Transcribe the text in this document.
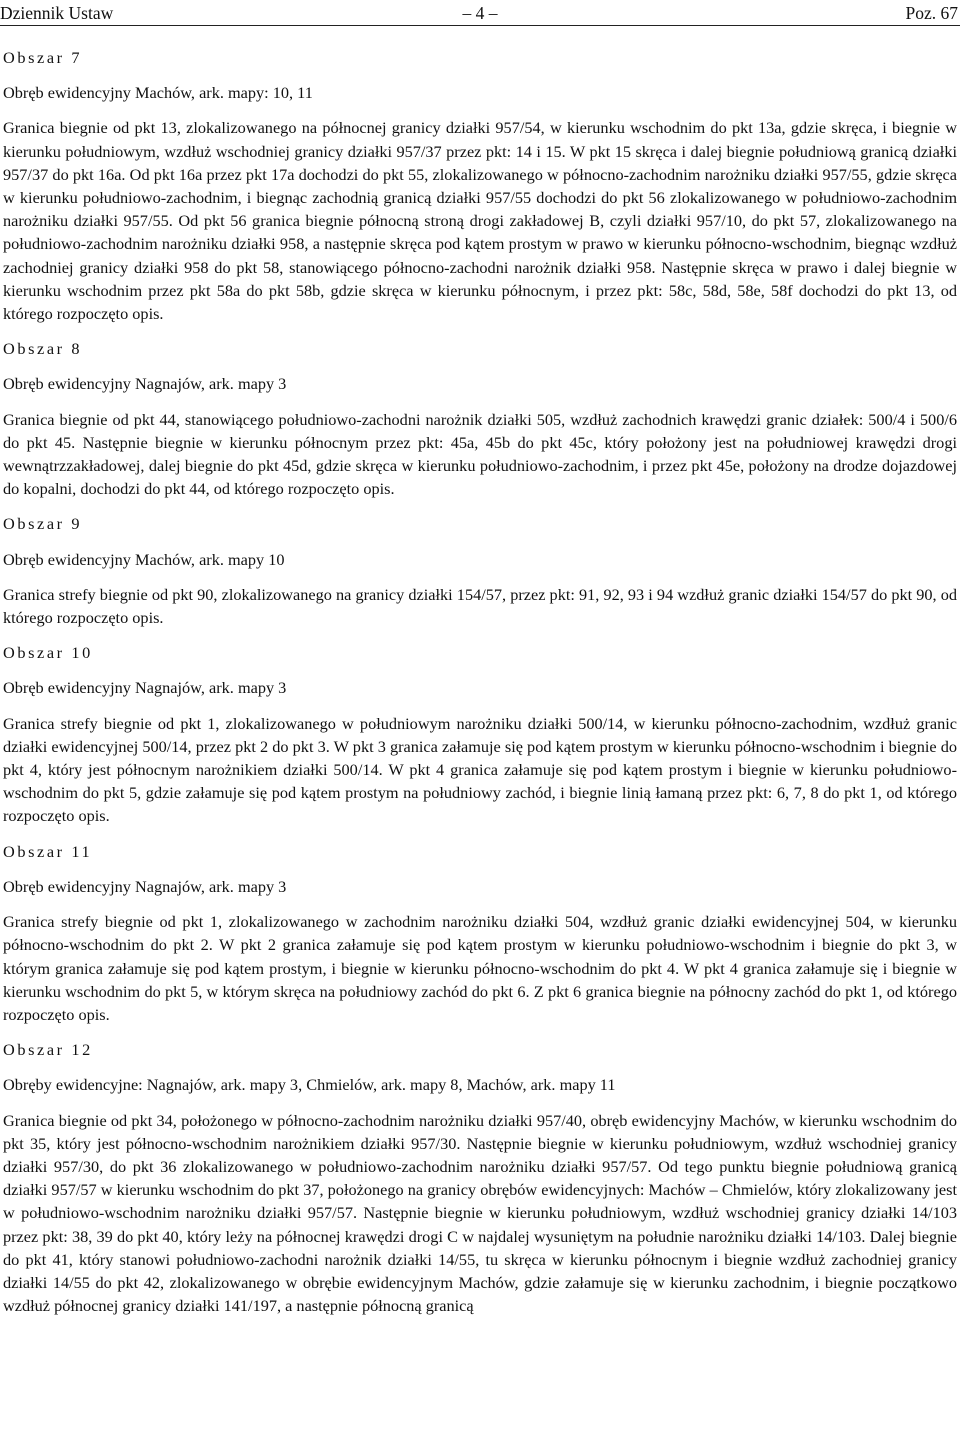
Dziennik Ustaw	– 4 –	Poz. 67

Obszar 7

Obręb ewidencyjny Machów, ark. mapy: 10, 11

Granica biegnie od pkt 13, zlokalizowanego na północnej granicy działki 957/54, w kierunku wschodnim do pkt 13a, gdzie skręca, i biegnie w kierunku południowym, wzdłuż wschodniej granicy działki 957/37 przez pkt: 14 i 15. W pkt 15 skręca i dalej biegnie południową granicą działki 957/37 do pkt 16a. Od pkt 16a przez pkt 17a dochodzi do pkt 55, zlokalizowanego w północno-zachodnim narożniku działki 957/55, gdzie skręca w kierunku południowo-zachodnim, i biegnąc zachodnią granicą działki 957/55 dochodzi do pkt 56 zlokalizowanego w południowo-zachodnim narożniku działki 957/55. Od pkt 56 granica biegnie północną stroną drogi zakładowej B, czyli działki 957/10, do pkt 57, zlokalizowanego na południowo-zachodnim narożniku działki 958, a następnie skręca pod kątem prostym w prawo w kierunku północno-wschodnim, biegnąc wzdłuż zachodniej granicy działki 958 do pkt 58, stanowiącego północno-zachodni narożnik działki 958. Następnie skręca w prawo i dalej biegnie w kierunku wschodnim przez pkt 58a do pkt 58b, gdzie skręca w kierunku północnym, i przez pkt: 58c, 58d, 58e, 58f dochodzi do pkt 13, od którego rozpoczęto opis.

Obszar 8

Obręb ewidencyjny Nagnajów, ark. mapy 3

Granica biegnie od pkt 44, stanowiącego południowo-zachodni narożnik działki 505, wzdłuż zachodnich krawędzi granic działek: 500/4 i 500/6 do pkt 45. Następnie biegnie w kierunku północnym przez pkt: 45a, 45b do pkt 45c, który położony jest na południowej krawędzi drogi wewnątrzzakładowej, dalej biegnie do pkt 45d, gdzie skręca w kierunku południowo-zachodnim, i przez pkt 45e, położony na drodze dojazdowej do kopalni, dochodzi do pkt 44, od którego rozpoczęto opis.

Obszar 9

Obręb ewidencyjny Machów, ark. mapy 10

Granica strefy biegnie od pkt 90, zlokalizowanego na granicy działki 154/57, przez pkt: 91, 92, 93 i 94 wzdłuż granic działki 154/57 do pkt 90, od którego rozpoczęto opis.

Obszar 10

Obręb ewidencyjny Nagnajów, ark. mapy 3

Granica strefy biegnie od pkt 1, zlokalizowanego w południowym narożniku działki 500/14, w kierunku północno-zachodnim, wzdłuż granic działki ewidencyjnej 500/14, przez pkt 2 do pkt 3. W pkt 3 granica załamuje się pod kątem prostym w kierunku północno-wschodnim i biegnie do pkt 4, który jest północnym narożnikiem działki 500/14. W pkt 4 granica załamuje się pod kątem prostym i biegnie w kierunku południowo-wschodnim do pkt 5, gdzie załamuje się pod kątem prostym na południowy zachód, i biegnie linią łamaną przez pkt: 6, 7, 8 do pkt 1, od którego rozpoczęto opis.

Obszar 11

Obręb ewidencyjny Nagnajów, ark. mapy 3

Granica strefy biegnie od pkt 1, zlokalizowanego w zachodnim narożniku działki 504, wzdłuż granic działki ewidencyjnej 504, w kierunku północno-wschodnim do pkt 2. W pkt 2 granica załamuje się pod kątem prostym w kierunku południowo-wschodnim i biegnie do pkt 3, w którym granica załamuje się pod kątem prostym, i biegnie w kierunku północno-wschodnim do pkt 4. W pkt 4 granica załamuje się i biegnie w kierunku wschodnim do pkt 5, w którym skręca na południowy zachód do pkt 6. Z pkt 6 granica biegnie na północny zachód do pkt 1, od którego rozpoczęto opis.

Obszar 12

Obręby ewidencyjne: Nagnajów, ark. mapy 3, Chmielów, ark. mapy 8, Machów, ark. mapy 11

Granica biegnie od pkt 34, położonego w północno-zachodnim narożniku działki 957/40, obręb ewidencyjny Machów, w kierunku wschodnim do pkt 35, który jest północno-wschodnim narożnikiem działki 957/30. Następnie biegnie w kierunku południowym, wzdłuż wschodniej granicy działki 957/30, do pkt 36 zlokalizowanego w południowo-zachodnim narożniku działki 957/57. Od tego punktu biegnie południową granicą działki 957/57 w kierunku wschodnim do pkt 37, położonego na granicy obrębów ewidencyjnych: Machów – Chmielów, który zlokalizowany jest w południowo-wschodnim narożniku działki 957/57. Następnie biegnie w kierunku południowym, wzdłuż wschodniej granicy działki 14/103 przez pkt: 38, 39 do pkt 40, który leży na północnej krawędzi drogi C w najdalej wysuniętym na południe narożniku działki 14/103. Dalej biegnie do pkt 41, który stanowi południowo-zachodni narożnik działki 14/55, tu skręca w kierunku północnym i biegnie wzdłuż zachodniej granicy działki 14/55 do pkt 42, zlokalizowanego w obrębie ewidencyjnym Machów, gdzie załamuje się w kierunku zachodnim, i biegnie początkowo wzdłuż północnej granicy działki 141/197, a następnie północną granicą
